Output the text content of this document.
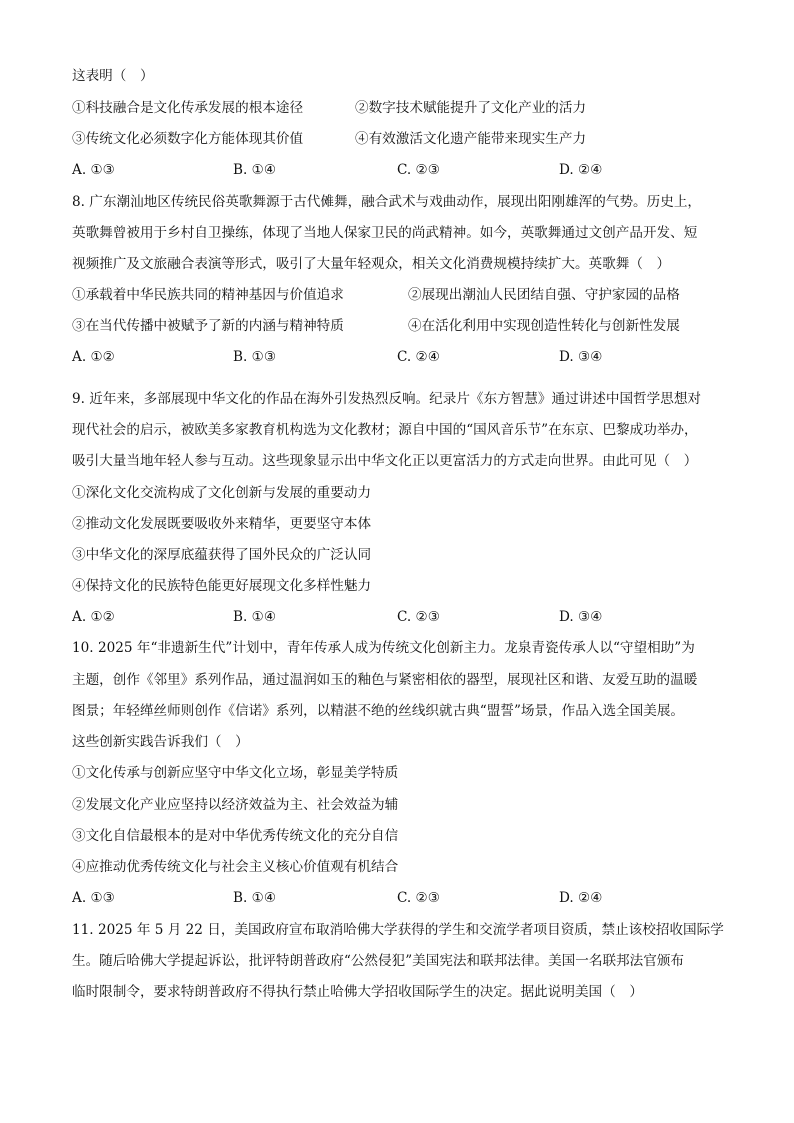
这表明（　）
①科技融合是文化传承发展的根本途径	②数字技术赋能提升了文化产业的活力
③传统文化必须数字化方能体现其价值	④有效激活文化遗产能带来现实生产力
A. ①③	B. ①④	C. ②③	D. ②④
8. 广东潮汕地区传统民俗英歌舞源于古代傩舞，融合武术与戏曲动作，展现出阳刚雄浑的气势。历史上，
英歌舞曾被用于乡村自卫操练，体现了当地人保家卫民的尚武精神。如今，英歌舞通过文创产品开发、短
视频推广及文旅融合表演等形式，吸引了大量年轻观众，相关文化消费规模持续扩大。英歌舞（　）
①承载着中华民族共同的精神基因与价值追求	②展现出潮汕人民团结自强、守护家园的品格
③在当代传播中被赋予了新的内涵与精神特质	④在活化利用中实现创造性转化与创新性发展
A. ①②	B. ①③	C. ②④	D. ③④
9. 近年来，多部展现中华文化的作品在海外引发热烈反响。纪录片《东方智慧》通过讲述中国哲学思想对
现代社会的启示，被欧美多家教育机构选为文化教材；源自中国的“国风音乐节”在东京、巴黎成功举办，
吸引大量当地年轻人参与互动。这些现象显示出中华文化正以更富活力的方式走向世界。由此可见（　）
①深化文化交流构成了文化创新与发展的重要动力
②推动文化发展既要吸收外来精华，更要坚守本体
③中华文化的深厚底蕴获得了国外民众的广泛认同
④保持文化的民族特色能更好展现文化多样性魅力
A. ①②	B. ①④	C. ②③	D. ③④
10. 2025 年“非遗新生代”计划中，青年传承人成为传统文化创新主力。龙泉青瓷传承人以“守望相助”为
主题，创作《邻里》系列作品，通过温润如玉的釉色与紧密相依的器型，展现社区和谐、友爱互助的温暖
图景；年轻缂丝师则创作《信诺》系列，以精湛不绝的丝线织就古典“盟誓”场景，作品入选全国美展。
这些创新实践告诉我们（　）
①文化传承与创新应坚守中华文化立场，彰显美学特质
②发展文化产业应坚持以经济效益为主、社会效益为辅
③文化自信最根本的是对中华优秀传统文化的充分自信
④应推动优秀传统文化与社会主义核心价值观有机结合
A. ①③	B. ①④	C. ②③	D. ②④
11. 2025 年 5 月 22 日，美国政府宣布取消哈佛大学获得的学生和交流学者项目资质，禁止该校招收国际学
生。随后哈佛大学提起诉讼，批评特朗普政府“公然侵犯”美国宪法和联邦法律。美国一名联邦法官颁布
临时限制令，要求特朗普政府不得执行禁止哈佛大学招收国际学生的决定。据此说明美国（　）
